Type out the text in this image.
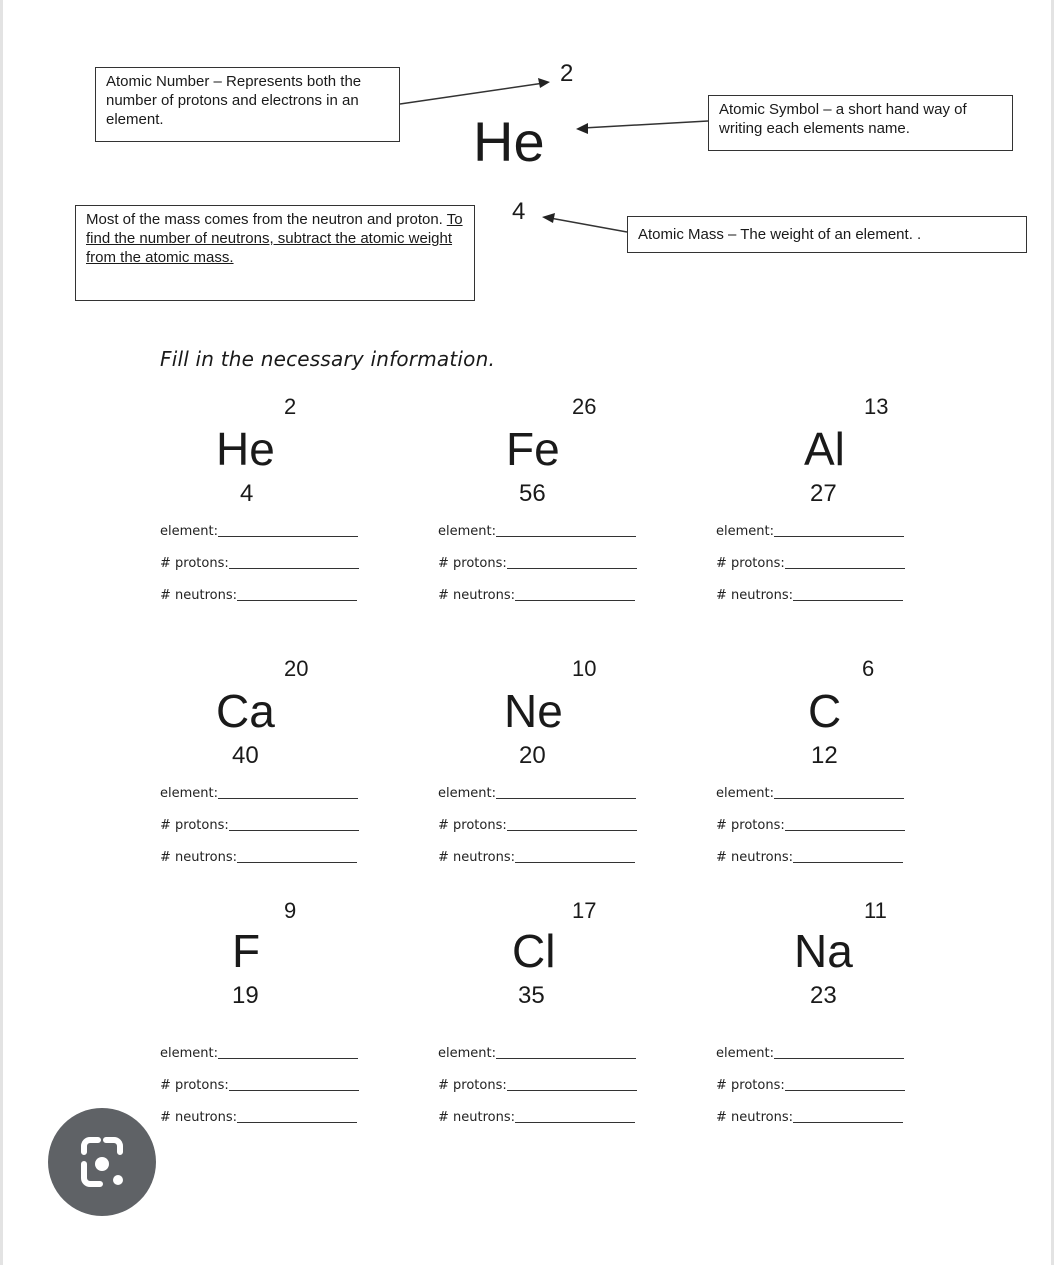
Atomic Number – Represents both the number of protons and electrons in an element.
Atomic Symbol – a short hand way of writing each elements name.
Most of the mass comes from the neutron and proton. To find the number of neutrons, subtract the atomic weight from the atomic mass.
Atomic Mass – The weight of an element. .
2
He
4
Fill in the necessary information.
2
He
4
element:
# protons:
# neutrons:
26
Fe
56
element:
# protons:
# neutrons:
13
Al
27
element:
# protons:
# neutrons:
20
Ca
40
element:
# protons:
# neutrons:
10
Ne
20
element:
# protons:
# neutrons:
6
C
12
element:
# protons:
# neutrons:
9
F
19
element:
# protons:
# neutrons:
17
Cl
35
element:
# protons:
# neutrons:
11
Na
23
element:
# protons:
# neutrons:
